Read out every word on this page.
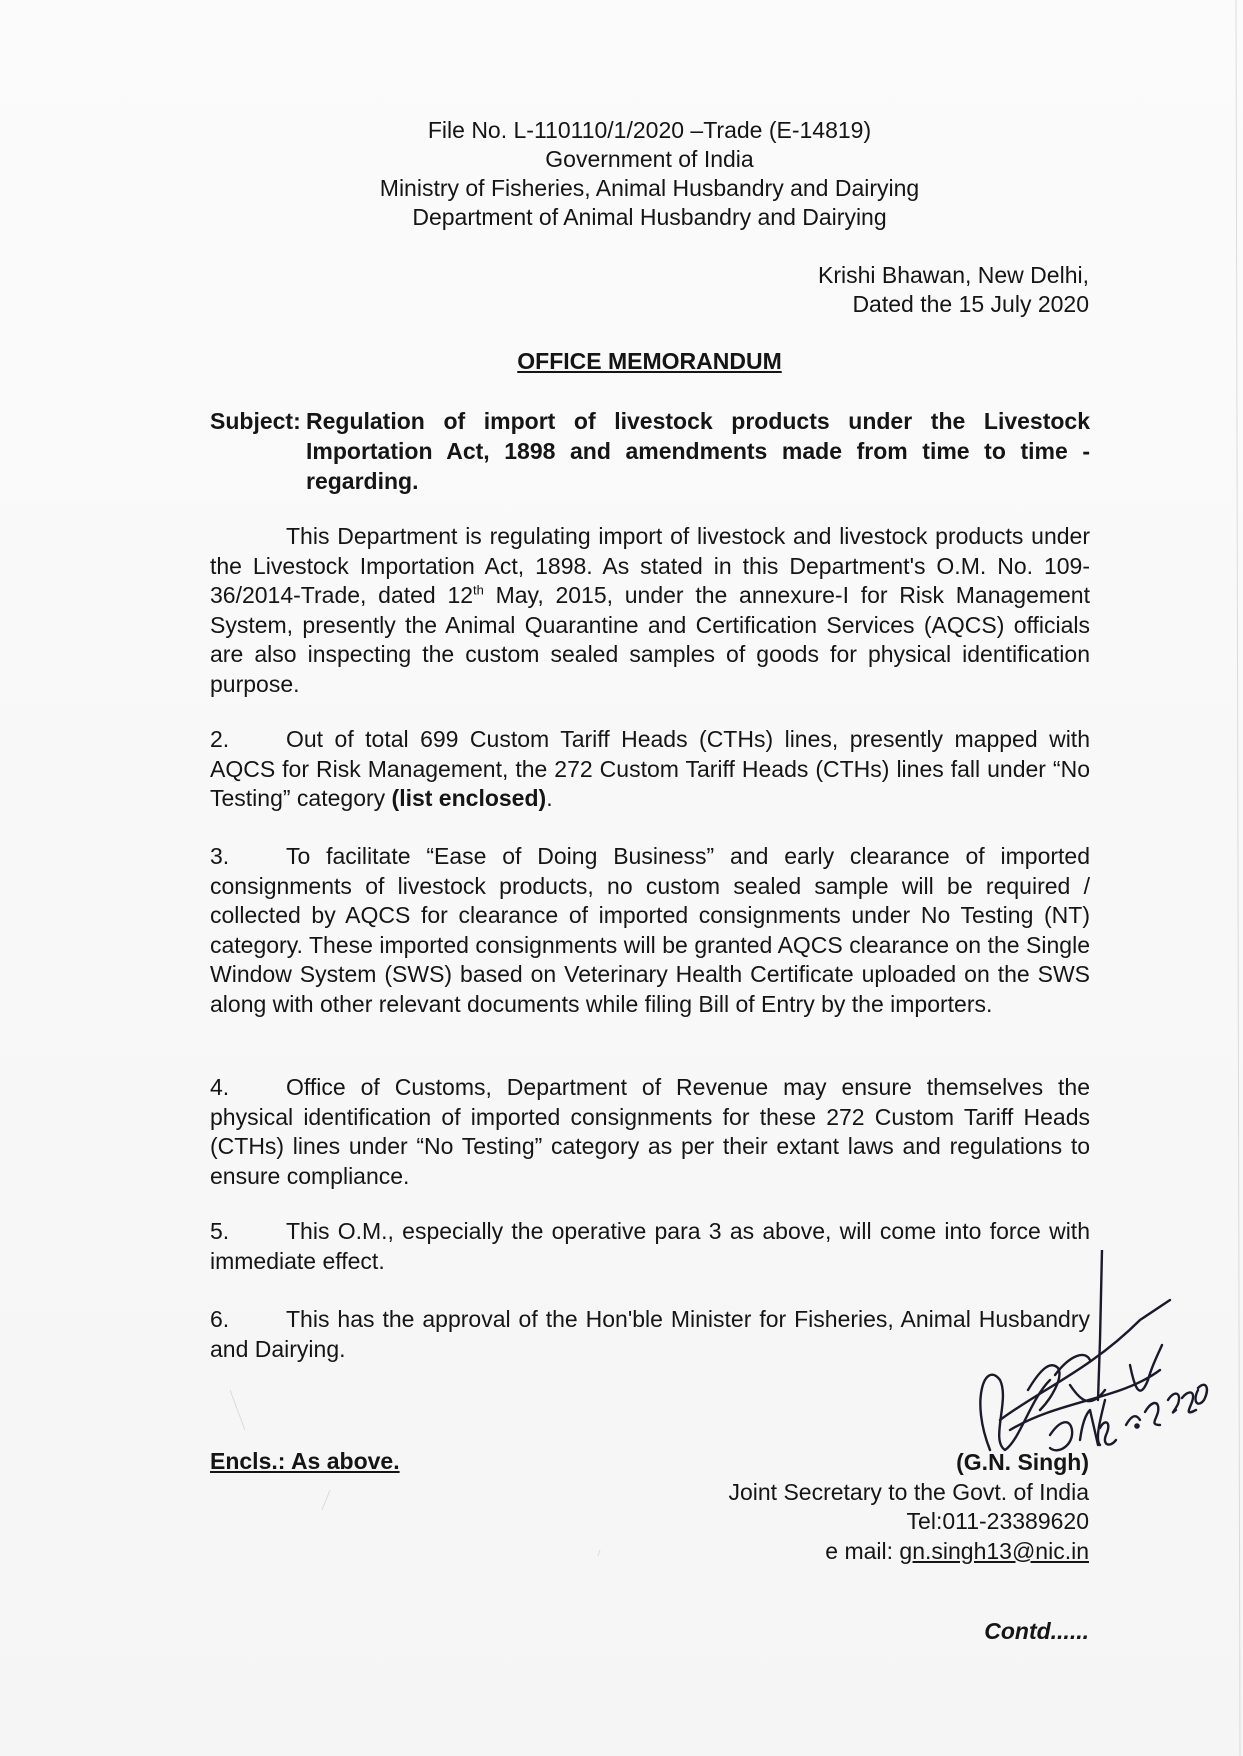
File No. L-110110/1/2020 –Trade (E-14819)
Government of India
Ministry of Fisheries, Animal Husbandry and Dairying
Department of Animal Husbandry and Dairying
Krishi Bhawan, New Delhi,
Dated the 15 July 2020
OFFICE MEMORANDUM
Subject: Regulation of import of livestock products under the Livestock Importation Act, 1898 and amendments made from time to time - regarding.
This Department is regulating import of livestock and livestock products under the Livestock Importation Act, 1898. As stated in this Department's O.M. No. 109-36/2014-Trade, dated 12th May, 2015, under the annexure-I for Risk Management System, presently the Animal Quarantine and Certification Services (AQCS) officials are also inspecting the custom sealed samples of goods for physical identification purpose.
2. Out of total 699 Custom Tariff Heads (CTHs) lines, presently mapped with AQCS for Risk Management, the 272 Custom Tariff Heads (CTHs) lines fall under “No Testing” category (list enclosed).
3. To facilitate “Ease of Doing Business” and early clearance of imported consignments of livestock products, no custom sealed sample will be required / collected by AQCS for clearance of imported consignments under No Testing (NT) category. These imported consignments will be granted AQCS clearance on the Single Window System (SWS) based on Veterinary Health Certificate uploaded on the SWS along with other relevant documents while filing Bill of Entry by the importers.
4. Office of Customs, Department of Revenue may ensure themselves the physical identification of imported consignments for these 272 Custom Tariff Heads (CTHs) lines under “No Testing” category as per their extant laws and regulations to ensure compliance.
5. This O.M., especially the operative para 3 as above, will come into force with immediate effect.
6. This has the approval of the Hon'ble Minister for Fisheries, Animal Husbandry and Dairying.
Encls.: As above.	(G.N. Singh)
Joint Secretary to the Govt. of India
Tel:011-23389620
e mail: gn.singh13@nic.in
Contd......
